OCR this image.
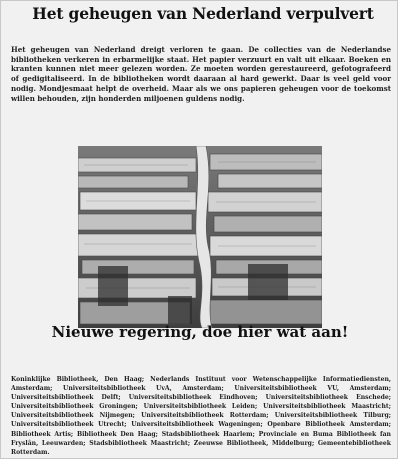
Het geheugen van Nederland verpulvert
Het geheugen van Nederland dreigt verloren te gaan. De collecties van de Nederlandse bibliotheken verkeren in erbarmelijke staat. Het papier verzuurt en valt uit elkaar. Boeken en kranten kunnen niet meer gelezen worden. Ze moeten worden gerestaureerd, gefotografeerd of gedigitaliseerd. In de bibliotheken wordt daaraan al hard gewerkt. Daar is veel geld voor nodig. Mondjesmaat helpt de overheid. Maar als we ons papieren geheugen voor de toekomst willen behouden, zijn honderden miljoenen guldens nodig.
Nieuwe regering, doe hier wat aan!
Koninklijke Bibliotheek, Den Haag; Nederlands Instituut voor Wetenschappelijke Informatiediensten, Amsterdam; Universiteitsbibliotheek UvA, Amsterdam; Universiteitsbibliotheek VU, Amsterdam; Universiteitsbibliotheek Delft; Universiteitsbibliotheek Eindhoven; Universiteitsbibliotheek Enschede; Universiteitsbibliotheek Groningen; Universiteitsbibliotheek Leiden; Universiteitsbibliotheek Maastricht; Universiteitsbibliotheek Nijmegen; Universiteitsbibliotheek Rotterdam; Universiteitsbibliotheek Tilburg; Universiteitsbibliotheek Utrecht; Universiteitsbibliotheek Wageningen; Openbare Bibliotheek Amsterdam; Bibliotheek Artis; Bibliotheek Den Haag; Stadsbibliotheek Haarlem; Provinciale en Buma Bibliotheek fan Fryslân, Leeuwarden; Stadsbibliotheek Maastricht; Zeeuwse Bibliotheek, Middelburg; Gemeentebibliotheek Rotterdam.
